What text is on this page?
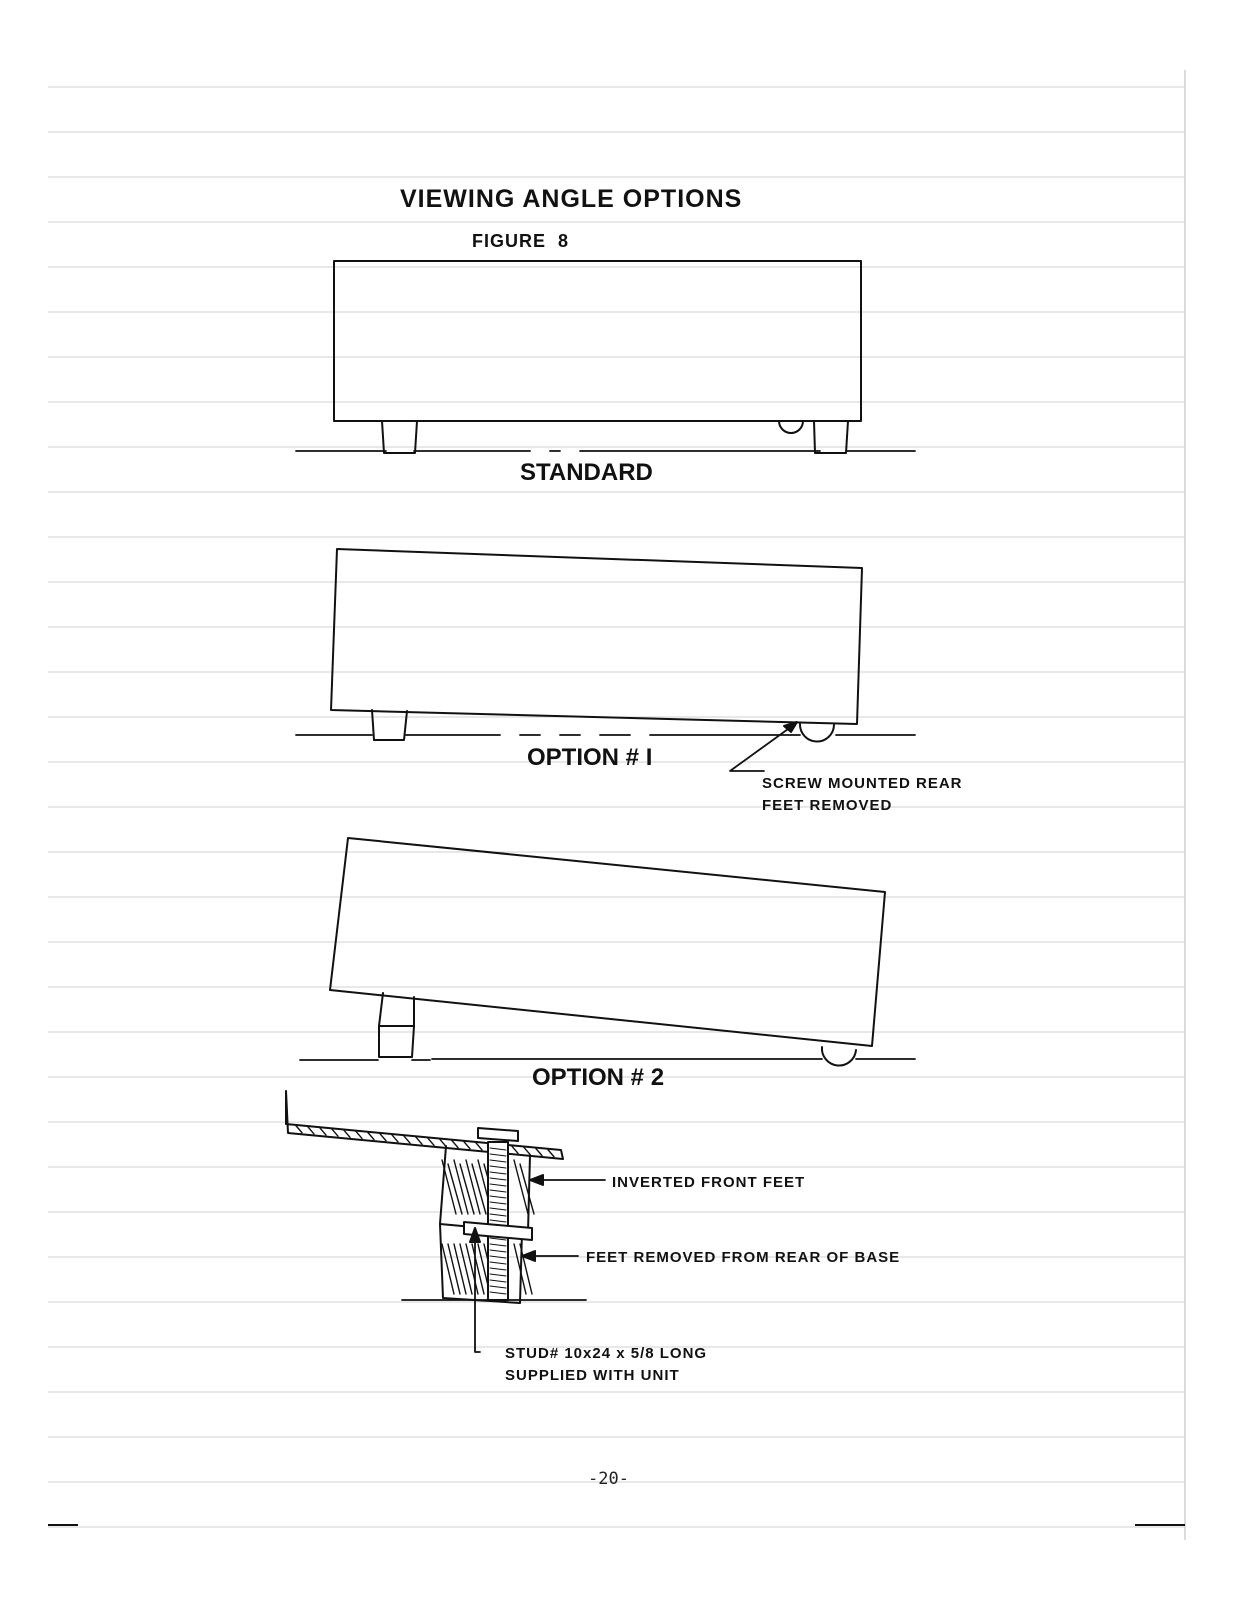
VIEWING ANGLE OPTIONS
FIGURE  8
STANDARD
OPTION # I
SCREW MOUNTED REAR
FEET REMOVED
OPTION # 2
INVERTED FRONT FEET
FEET REMOVED FROM REAR OF BASE
STUD# 10x24 x 5/8 LONG
SUPPLIED WITH UNIT
-20-
